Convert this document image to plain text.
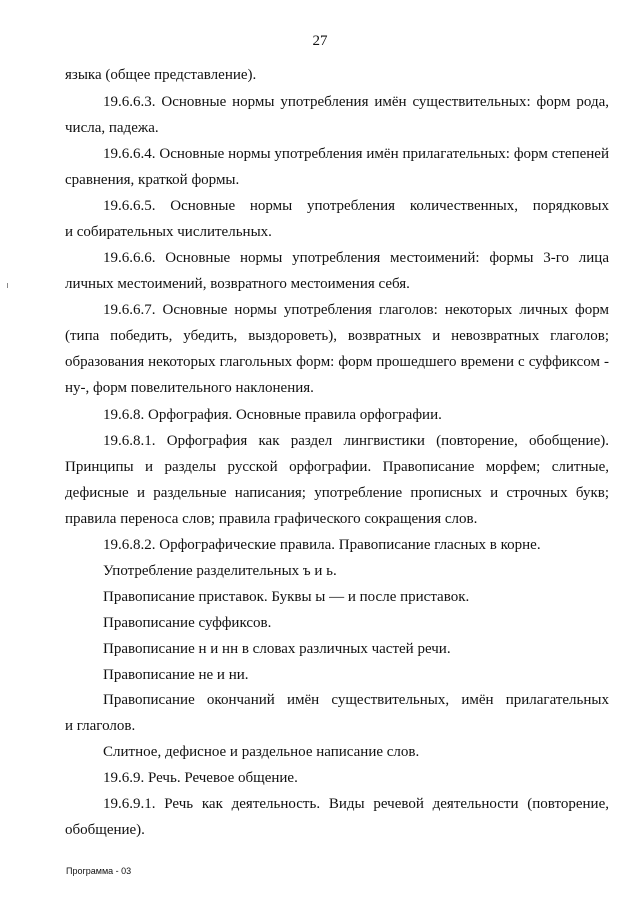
27
языка (общее представление).
19.6.6.3. Основные нормы употребления имён существительных: форм рода,
числа, падежа.
19.6.6.4. Основные нормы употребления имён прилагательных: форм степеней
сравнения, краткой формы.
19.6.6.5. Основные нормы употребления количественных, порядковых
и собирательных числительных.
19.6.6.6. Основные нормы употребления местоимений: формы 3-го лица
личных местоимений, возвратного местоимения себя.
19.6.6.7. Основные нормы употребления глаголов: некоторых личных форм
(типа победить, убедить, выздороветь), возвратных и невозвратных глаголов;
образования некоторых глагольных форм: форм прошедшего времени с суффиксом -
ну-, форм повелительного наклонения.
19.6.8. Орфография. Основные правила орфографии.
19.6.8.1. Орфография как раздел лингвистики (повторение, обобщение).
Принципы и разделы русской орфографии. Правописание морфем; слитные,
дефисные и раздельные написания; употребление прописных и строчных букв;
правила переноса слов; правила графического сокращения слов.
19.6.8.2. Орфографические правила. Правописание гласных в корне.
Употребление разделительных ъ и ь.
Правописание приставок. Буквы ы — и после приставок.
Правописание суффиксов.
Правописание н и нн в словах различных частей речи.
Правописание не и ни.
Правописание окончаний имён существительных, имён прилагательных
и глаголов.
Слитное, дефисное и раздельное написание слов.
19.6.9. Речь. Речевое общение.
19.6.9.1. Речь как деятельность. Виды речевой деятельности (повторение,
обобщение).
Программа - 03
